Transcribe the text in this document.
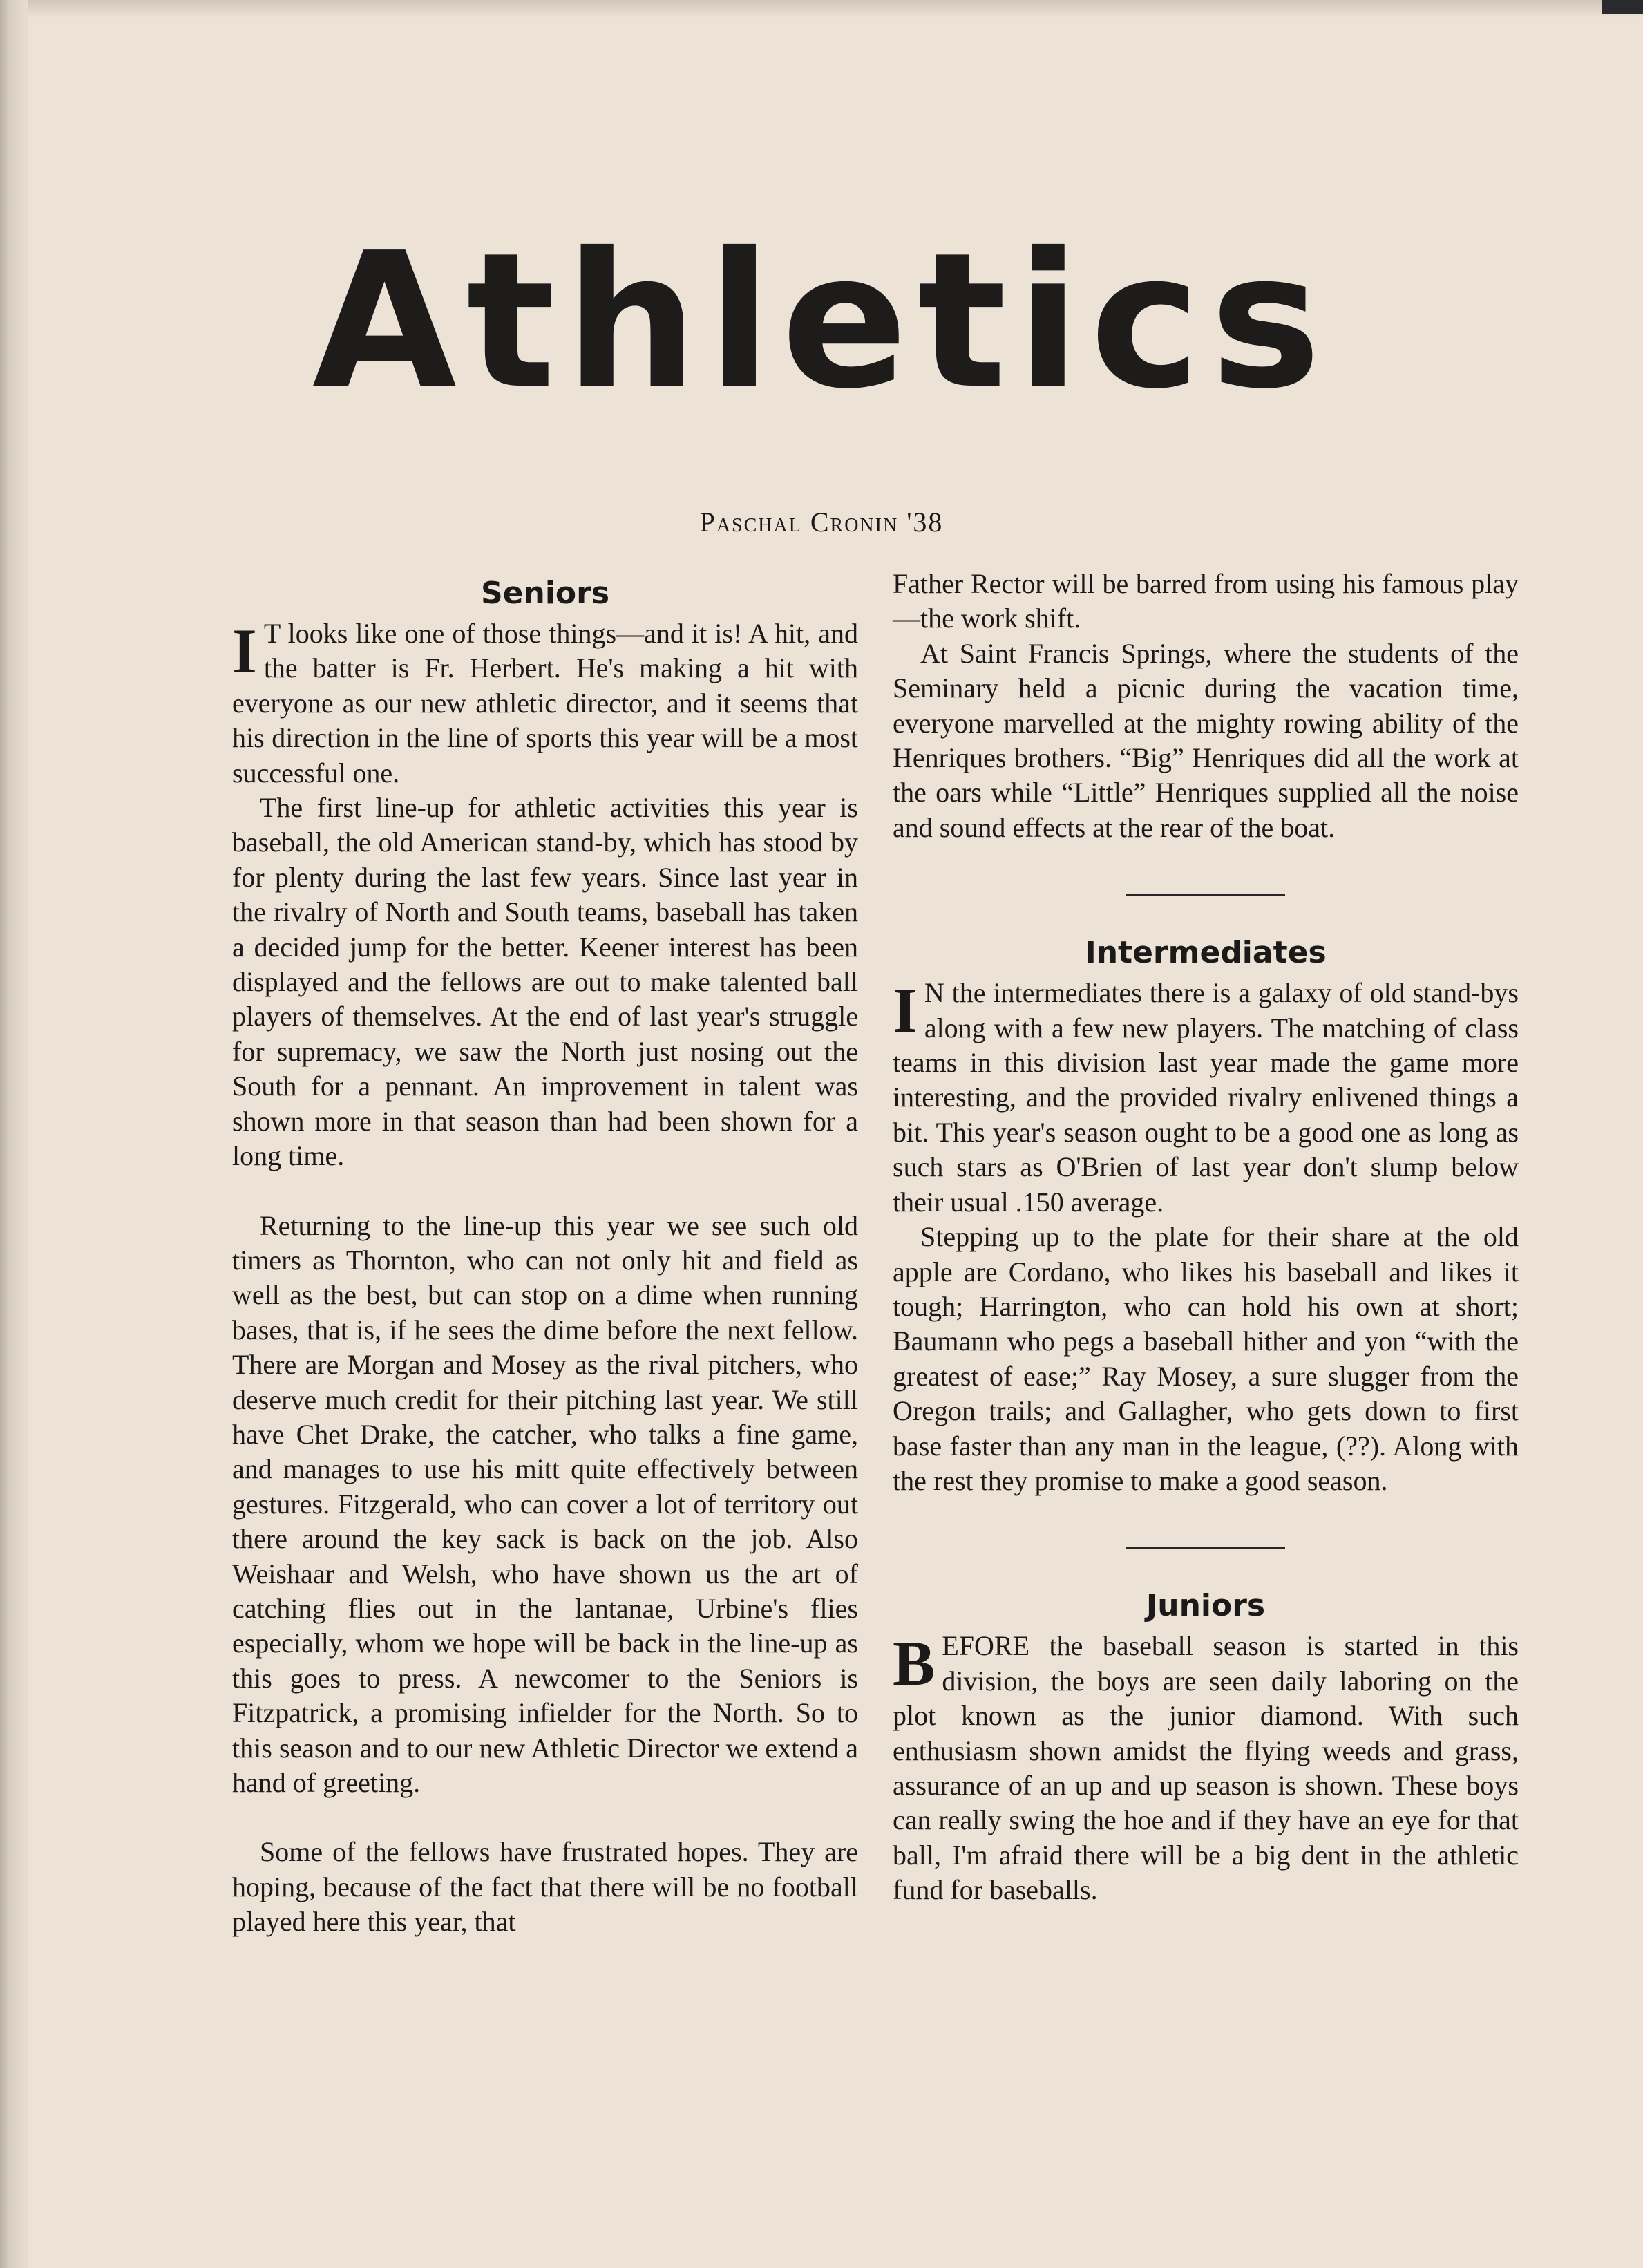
Athletics
Paschal Cronin '38
Seniors

I T looks like one of those things—and it is! A hit, and the batter is Fr. Herbert. He's making a hit with everyone as our new athletic director, and it seems that his direction in the line of sports this year will be a most successful one.

The first line-up for athletic activities this year is baseball, the old American stand-by, which has stood by for plenty during the last few years. Since last year in the rivalry of North and South teams, baseball has taken a decided jump for the better. Keener interest has been displayed and the fellows are out to make talented ball players of themselves. At the end of last year's struggle for supremacy, we saw the North just nosing out the South for a pennant. An improvement in talent was shown more in that season than had been shown for a long time.

Returning to the line-up this year we see such old timers as Thornton, who can not only hit and field as well as the best, but can stop on a dime when running bases, that is, if he sees the dime before the next fellow. There are Morgan and Mosey as the rival pitchers, who deserve much credit for their pitching last year. We still have Chet Drake, the catcher, who talks a fine game, and manages to use his mitt quite effectively between gestures. Fitzgerald, who can cover a lot of territory out there around the key sack is back on the job. Also Weishaar and Welsh, who have shown us the art of catching flies out in the lantanae, Urbine's flies especially, whom we hope will be back in the line-up as this goes to press. A newcomer to the Seniors is Fitzpatrick, a promising infielder for the North. So to this season and to our new Athletic Director we extend a hand of greeting.

Some of the fellows have frustrated hopes. They are hoping, because of the fact that there will be no football played here this year, that

Father Rector will be barred from using his famous play—the work shift.

At Saint Francis Springs, where the students of the Seminary held a picnic during the vacation time, everyone marvelled at the mighty rowing ability of the Henriques brothers. “Big” Henriques did all the work at the oars while “Little” Henriques supplied all the noise and sound effects at the rear of the boat.

Intermediates

I N the intermediates there is a galaxy of old stand-bys along with a few new players. The matching of class teams in this division last year made the game more interesting, and the provided rivalry enlivened things a bit. This year's season ought to be a good one as long as such stars as O'Brien of last year don't slump below their usual .150 average.

Stepping up to the plate for their share at the old apple are Cordano, who likes his baseball and likes it tough; Harrington, who can hold his own at short; Baumann who pegs a baseball hither and yon “with the greatest of ease;” Ray Mosey, a sure slugger from the Oregon trails; and Gallagher, who gets down to first base faster than any man in the league, (??). Along with the rest they promise to make a good season.

Juniors

BEFORE the baseball season is started in this division, the boys are seen daily laboring on the plot known as the junior diamond. With such enthusiasm shown amidst the flying weeds and grass, assurance of an up and up season is shown. These boys can really swing the hoe and if they have an eye for that ball, I'm afraid there will be a big dent in the athletic fund for baseballs.
